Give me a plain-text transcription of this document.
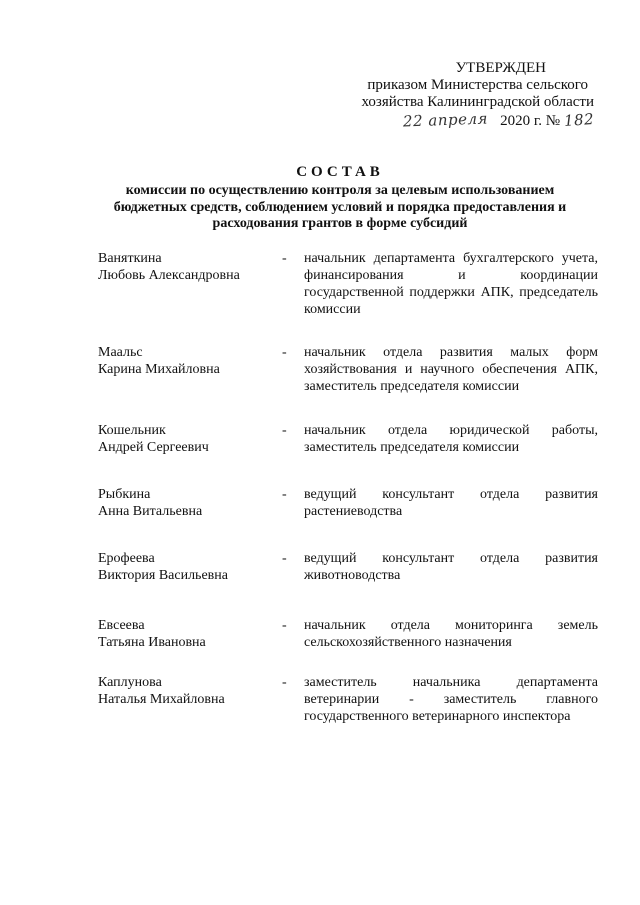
УТВЕРЖДЕН
приказом Министерства сельского
хозяйства Калининградской области
22 апреля 2020 г. № 182
СОСТАВ
комиссии по осуществлению контроля за целевым использованием
бюджетных средств, соблюдением условий и порядка предоставления и
расходования грантов в форме субсидий
Ваняткина
Любовь Александровна
-	начальник департамента бухгалтерского учета, финансирования и координации государственной поддержки АПК, председатель комиссии
Маальс
Карина Михайловна
-	начальник отдела развития малых форм хозяйствования и научного обеспечения АПК, заместитель председателя комиссии
Кошельник
Андрей Сергеевич
-	начальник отдела юридической работы, заместитель председателя комиссии
Рыбкина
Анна Витальевна
-	ведущий консультант отдела развития растениеводства
Ерофеева
Виктория Васильевна
-	ведущий консультант отдела развития животноводства
Евсеева
Татьяна Ивановна
-	начальник отдела мониторинга земель сельскохозяйственного назначения
Каплунова
Наталья Михайловна
-	заместитель начальника департамента ветеринарии - заместитель главного государственного ветеринарного инспектора
